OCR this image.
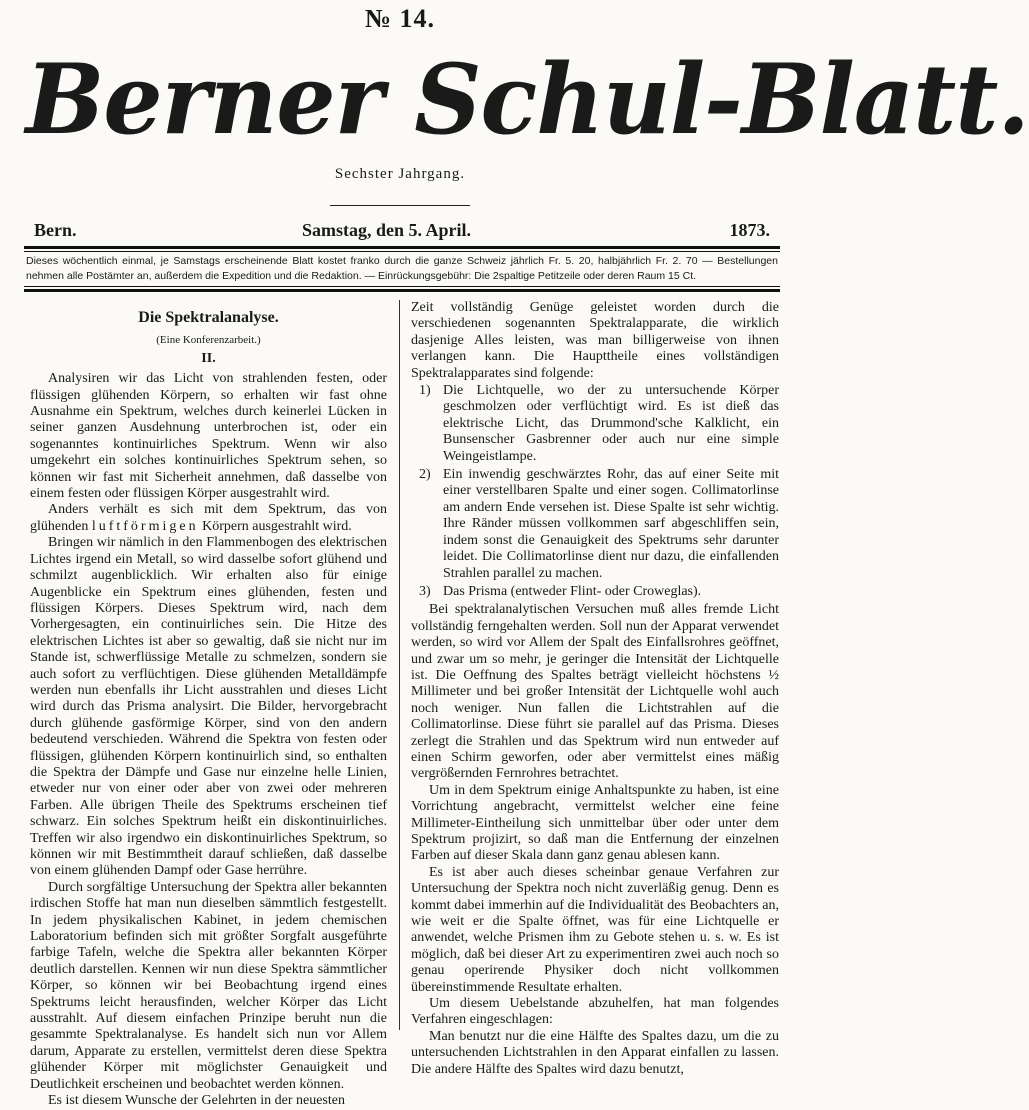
№ 14.
Berner Schul-Blatt.
Sechster Jahrgang.
Bern.	Samstag, den 5. April.	1873.
Dieses wöchentlich einmal, je Samstags erscheinende Blatt kostet franko durch die ganze Schweiz jährlich Fr. 5. 20, halbjährlich Fr. 2. 70 — Bestellungen nehmen alle Postämter an, außerdem die Expedition und die Redaktion. — Einrückungsgebühr: Die 2spaltige Petitzeile oder deren Raum 15 Ct.
Die Spektralanalyse.
(Eine Konferenzarbeit.)
II.

Analysiren wir das Licht von strahlenden festen, oder flüssigen glühenden Körpern, so erhalten wir fast ohne Ausnahme ein Spektrum, welches durch keinerlei Lücken in seiner ganzen Ausdehnung unterbrochen ist, oder ein sogenanntes kontinuirliches Spektrum. Wenn wir also umgekehrt ein solches kontinuirliches Spektrum sehen, so können wir fast mit Sicherheit annehmen, daß dasselbe von einem festen oder flüssigen Körper ausgestrahlt wird.

Anders verhält es sich mit dem Spektrum, das von glühenden luftförmigen Körpern ausgestrahlt wird.

Bringen wir nämlich in den Flammenbogen des elektrischen Lichtes irgend ein Metall, so wird dasselbe sofort glühend und schmilzt augenblicklich. Wir erhalten also für einige Augenblicke ein Spektrum eines glühenden, festen und flüssigen Körpers. Dieses Spektrum wird, nach dem Vorhergesagten, ein continuirliches sein. Die Hitze des elektrischen Lichtes ist aber so gewaltig, daß sie nicht nur im Stande ist, schwerflüssige Metalle zu schmelzen, sondern sie auch sofort zu verflüchtigen. Diese glühenden Metalldämpfe werden nun ebenfalls ihr Licht ausstrahlen und dieses Licht wird durch das Prisma analysirt. Die Bilder, hervorgebracht durch glühende gasförmige Körper, sind von den andern bedeutend verschieden. Während die Spektra von festen oder flüssigen, glühenden Körpern kontinuirlich sind, so enthalten die Spektra der Dämpfe und Gase nur einzelne helle Linien, etweder nur von einer oder aber von zwei oder mehreren Farben. Alle übrigen Theile des Spektrums erscheinen tief schwarz. Ein solches Spektrum heißt ein diskontinuirliches. Treffen wir also irgendwo ein diskontinuirliches Spektrum, so können wir mit Bestimmtheit darauf schließen, daß dasselbe von einem glühenden Dampf oder Gase herrühre.

Durch sorgfältige Untersuchung der Spektra aller bekannten irdischen Stoffe hat man nun dieselben sämmtlich festgestellt. In jedem physikalischen Kabinet, in jedem chemischen Laboratorium befinden sich mit größter Sorgfalt ausgeführte farbige Tafeln, welche die Spektra aller bekannten Körper deutlich darstellen. Kennen wir nun diese Spektra sämmtlicher Körper, so können wir bei Beobachtung irgend eines Spektrums leicht herausfinden, welcher Körper das Licht ausstrahlt. Auf diesem einfachen Prinzipe beruht nun die gesammte Spektralanalyse. Es handelt sich nun vor Allem darum, Apparate zu erstellen, vermittelst deren diese Spektra glühender Körper mit möglichster Genauigkeit und Deutlichkeit erscheinen und beobachtet werden können.

Es ist diesem Wunsche der Gelehrten in der neuesten

Zeit vollständig Genüge geleistet worden durch die verschiedenen sogenannten Spektralapparate, die wirklich dasjenige Alles leisten, was man billigerweise von ihnen verlangen kann. Die Haupttheile eines vollständigen Spektralapparates sind folgende:

1) Die Lichtquelle, wo der zu untersuchende Körper geschmolzen oder verflüchtigt wird. Es ist dieß das elektrische Licht, das Drummond'sche Kalklicht, ein Bunsenscher Gasbrenner oder auch nur eine simple Weingeistlampe.
2) Ein inwendig geschwärztes Rohr, das auf einer Seite mit einer verstellbaren Spalte und einer sogen. Collimatorlinse am andern Ende versehen ist. Diese Spalte ist sehr wichtig. Ihre Ränder müssen vollkommen sarf abgeschliffen sein, indem sonst die Genauigkeit des Spektrums sehr darunter leidet. Die Collimatorlinse dient nur dazu, die einfallenden Strahlen parallel zu machen.
3) Das Prisma (entweder Flint- oder Croweglas).

Bei spektralanalytischen Versuchen muß alles fremde Licht vollständig ferngehalten werden. Soll nun der Apparat verwendet werden, so wird vor Allem der Spalt des Einfallsrohres geöffnet, und zwar um so mehr, je geringer die Intensität der Lichtquelle ist. Die Oeffnung des Spaltes beträgt vielleicht höchstens ½ Millimeter und bei großer Intensität der Lichtquelle wohl auch noch weniger. Nun fallen die Lichtstrahlen auf die Collimatorlinse. Diese führt sie parallel auf das Prisma. Dieses zerlegt die Strahlen und das Spektrum wird nun entweder auf einen Schirm geworfen, oder aber vermittelst eines mäßig vergrößernden Fernrohres betrachtet.

Um in dem Spektrum einige Anhaltspunkte zu haben, ist eine Vorrichtung angebracht, vermittelst welcher eine feine Millimeter-Eintheilung sich unmittelbar über oder unter dem Spektrum projizirt, so daß man die Entfernung der einzelnen Farben auf dieser Skala dann ganz genau ablesen kann.

Es ist aber auch dieses scheinbar genaue Verfahren zur Untersuchung der Spektra noch nicht zuverläßig genug. Denn es kommt dabei immerhin auf die Individualität des Beobachters an, wie weit er die Spalte öffnet, was für eine Lichtquelle er anwendet, welche Prismen ihm zu Gebote stehen u. s. w. Es ist möglich, daß bei dieser Art zu experimentiren zwei auch noch so genau operirende Physiker doch nicht vollkommen übereinstimmende Resultate erhalten.

Um diesem Uebelstande abzuhelfen, hat man folgendes Verfahren eingeschlagen:

Man benutzt nur die eine Hälfte des Spaltes dazu, um die zu untersuchenden Lichtstrahlen in den Apparat einfallen zu lassen. Die andere Hälfte des Spaltes wird dazu benutzt,
